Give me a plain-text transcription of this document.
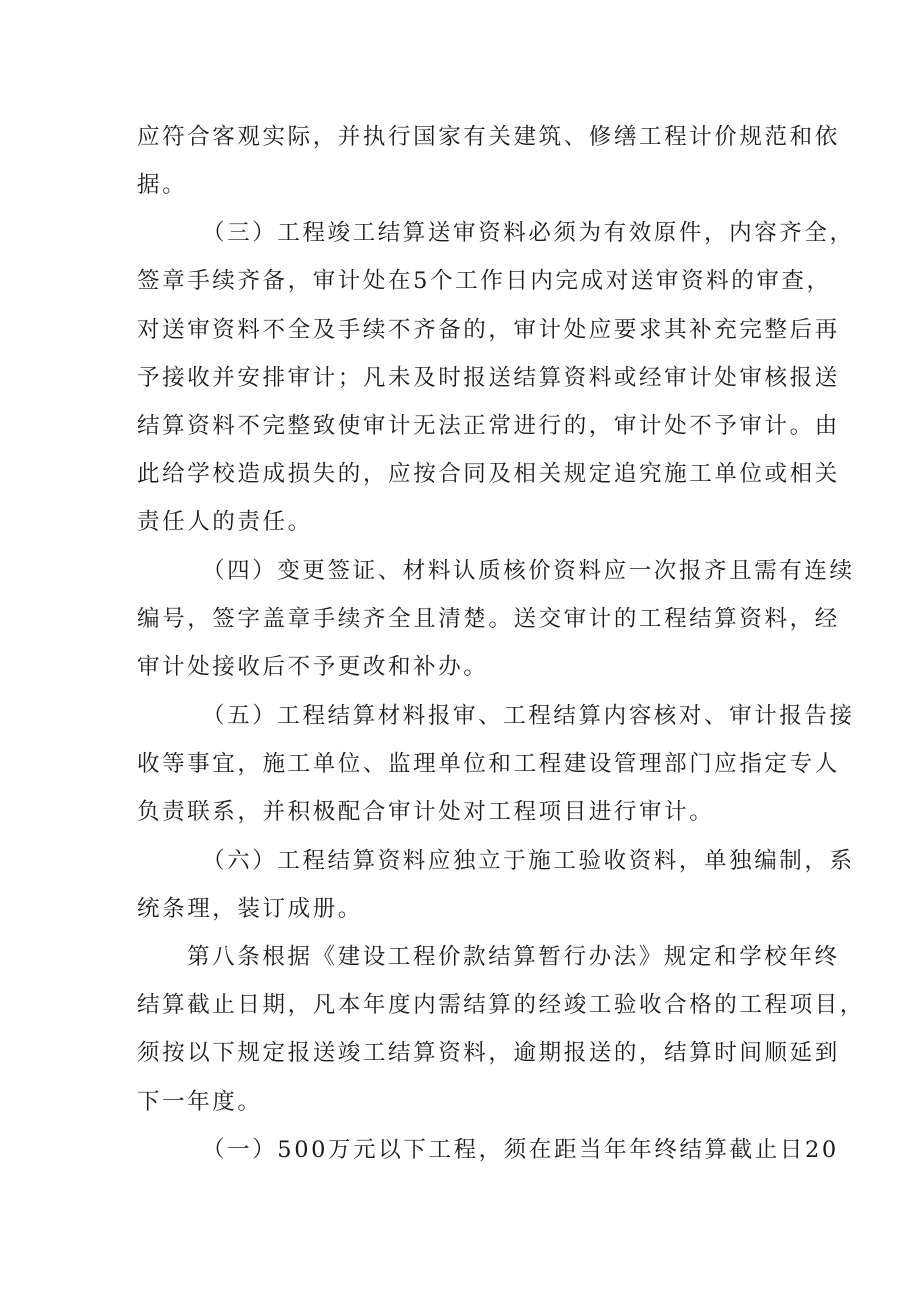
应符合客观实际，并执行国家有关建筑、修缮工程计价规范和依
据。
（三）工程竣工结算送审资料必须为有效原件，内容齐全，
签章手续齐备，审计处在5个工作日内完成对送审资料的审查，
对送审资料不全及手续不齐备的，审计处应要求其补充完整后再
予接收并安排审计；凡未及时报送结算资料或经审计处审核报送
结算资料不完整致使审计无法正常进行的，审计处不予审计。由
此给学校造成损失的，应按合同及相关规定追究施工单位或相关
责任人的责任。
（四）变更签证、材料认质核价资料应一次报齐且需有连续
编号，签字盖章手续齐全且清楚。送交审计的工程结算资料，经
审计处接收后不予更改和补办。
（五）工程结算材料报审、工程结算内容核对、审计报告接
收等事宜，施工单位、监理单位和工程建设管理部门应指定专人
负责联系，并积极配合审计处对工程项目进行审计。
（六）工程结算资料应独立于施工验收资料，单独编制，系
统条理，装订成册。
第八条根据《建设工程价款结算暂行办法》规定和学校年终
结算截止日期，凡本年度内需结算的经竣工验收合格的工程项目，
须按以下规定报送竣工结算资料，逾期报送的，结算时间顺延到
下一年度。
（一）500万元以下工程，须在距当年年终结算截止日20
